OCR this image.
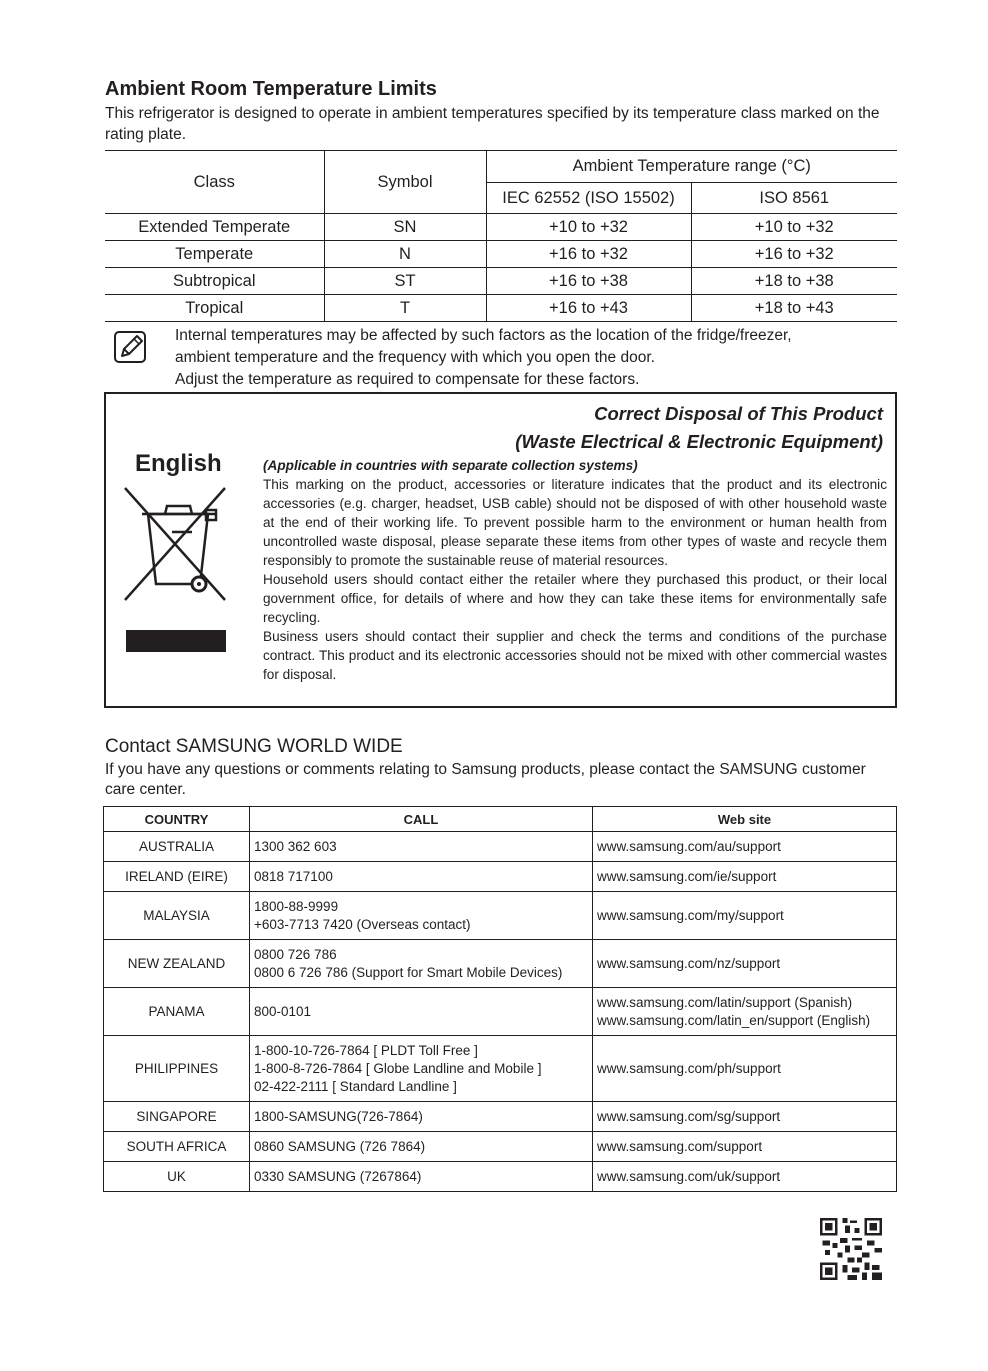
Ambient Room Temperature Limits
This refrigerator is designed to operate in ambient temperatures specified by its temperature class marked on the rating plate.
Class	Symbol	Ambient Temperature range (°C)	
		IEC 62552 (ISO 15502)	ISO 8561
Extended Temperate	SN	+10 to +32	+10 to +32
Temperate	N	+16 to +32	+16 to +32
Subtropical	ST	+16 to +38	+18 to +38
Tropical	T	+16 to +43	+18 to +43
Internal temperatures may be affected by such factors as the location of the fridge/freezer,
ambient temperature and the frequency with which you open the door.
Adjust the temperature as required to compensate for these factors.
Correct Disposal of This Product
(Waste Electrical & Electronic Equipment)
English	(Applicable in countries with separate collection systems)

This marking on the product, accessories or literature indicates that the product and its electronic accessories (e.g. charger, headset, USB cable) should not be disposed of with other household waste at the end of their working life. To prevent possible harm to the environment or human health from uncontrolled waste disposal, please separate these items from other types of waste and recycle them responsibly to promote the sustainable reuse of material resources.

Household users should contact either the retailer where they purchased this product, or their local government office, for details of where and how they can take these items for environmentally safe recycling.

Business users should contact their supplier and check the terms and conditions of the purchase contract. This product and its electronic accessories should not be mixed with other commercial wastes for disposal.

Contact SAMSUNG WORLD WIDE
If you have any questions or comments relating to Samsung products, please contact the SAMSUNG customer care center.
COUNTRY	CALL	Web site
AUSTRALIA	1300 362 603	www.samsung.com/au/support

IRELAND (EIRE)	0818 717100	www.samsung.com/ie/support

MALAYSIA	1800-88-9999
+603-7713 7420 (Overseas contact)	www.samsung.com/my/support

NEW ZEALAND	0800 726 786
0800 6 726 786 (Support for Smart Mobile Devices)	www.samsung.com/nz/support

PANAMA	800-0101	www.samsung.com/latin/support (Spanish)
www.samsung.com/latin_en/support (English)

PHILIPPINES	1-800-10-726-7864 [ PLDT Toll Free ]
1-800-8-726-7864 [ Globe Landline and Mobile ]
02-422-2111 [ Standard Landline ]	www.samsung.com/ph/support

SINGAPORE	1800-SAMSUNG(726-7864)	www.samsung.com/sg/support

SOUTH AFRICA	0860 SAMSUNG (726 7864)	www.samsung.com/support

UK	0330 SAMSUNG (7267864)	www.samsung.com/uk/support
